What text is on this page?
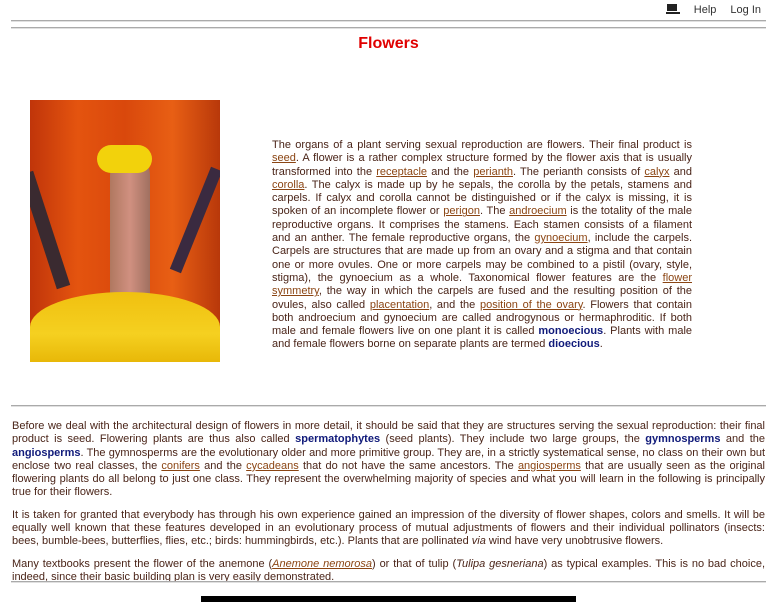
Help Log In
Flowers
The organs of a plant serving sexual reproduction are flowers. Their final product is seed. A flower is a rather complex structure formed by the flower axis that is usually transformed into the receptacle and the perianth. The perianth consists of calyx and corolla. The calyx is made up by he sepals, the corolla by the petals, stamens and carpels. If calyx and corolla cannot be distinguished or if the calyx is missing, it is spoken of an incomplete flower or perigon. The androecium is the totality of the male reproductive organs. It comprises the stamens. Each stamen consists of a filament and an anther. The female reproductive organs, the gynoecium, include the carpels. Carpels are structures that are made up from an ovary and a stigma and that contain one or more ovules. One or more carpels may be combined to a pistil (ovary, style, stigma), the gynoecium as a whole. Taxonomical flower features are the flower symmetry, the way in which the carpels are fused and the resulting position of the ovules, also called placentation, and the position of the ovary. Flowers that contain both androecium and gynoecium are called androgynous or hermaphroditic. If both male and female flowers live on one plant it is called monoecious. Plants with male and female flowers borne on separate plants are termed dioecious.

Before we deal with the architectural design of flowers in more detail, it should be said that they are structures serving the sexual reproduction: their final product is seed. Flowering plants are thus also called spermatophytes (seed plants). They include two large groups, the gymnosperms and the angiosperms. The gymnosperms are the evolutionary older and more primitive group. They are, in a strictly systematical sense, no class on their own but enclose two real classes, the conifers and the cycadeans that do not have the same ancestors. The angiosperms that are usually seen as the original flowering plants do all belong to just one class. They represent the overwhelming majority of species and what you will learn in the following is principally true for their flowers.

It is taken for granted that everybody has through his own experience gained an impression of the diversity of flower shapes, colors and smells. It will be equally well known that these features developed in an evolutionary process of mutual adjustments of flowers and their individual pollinators (insects: bees, bumble-bees, butterflies, flies, etc.; birds: hummingbirds, etc.). Plants that are pollinated via wind have very unobtrusive flowers.

Many textbooks present the flower of the anemone (Anemone nemorosa) or that of tulip (Tulipa gesneriana) as typical examples. This is no bad choice, indeed, since their basic building plan is very easily demonstrated.
